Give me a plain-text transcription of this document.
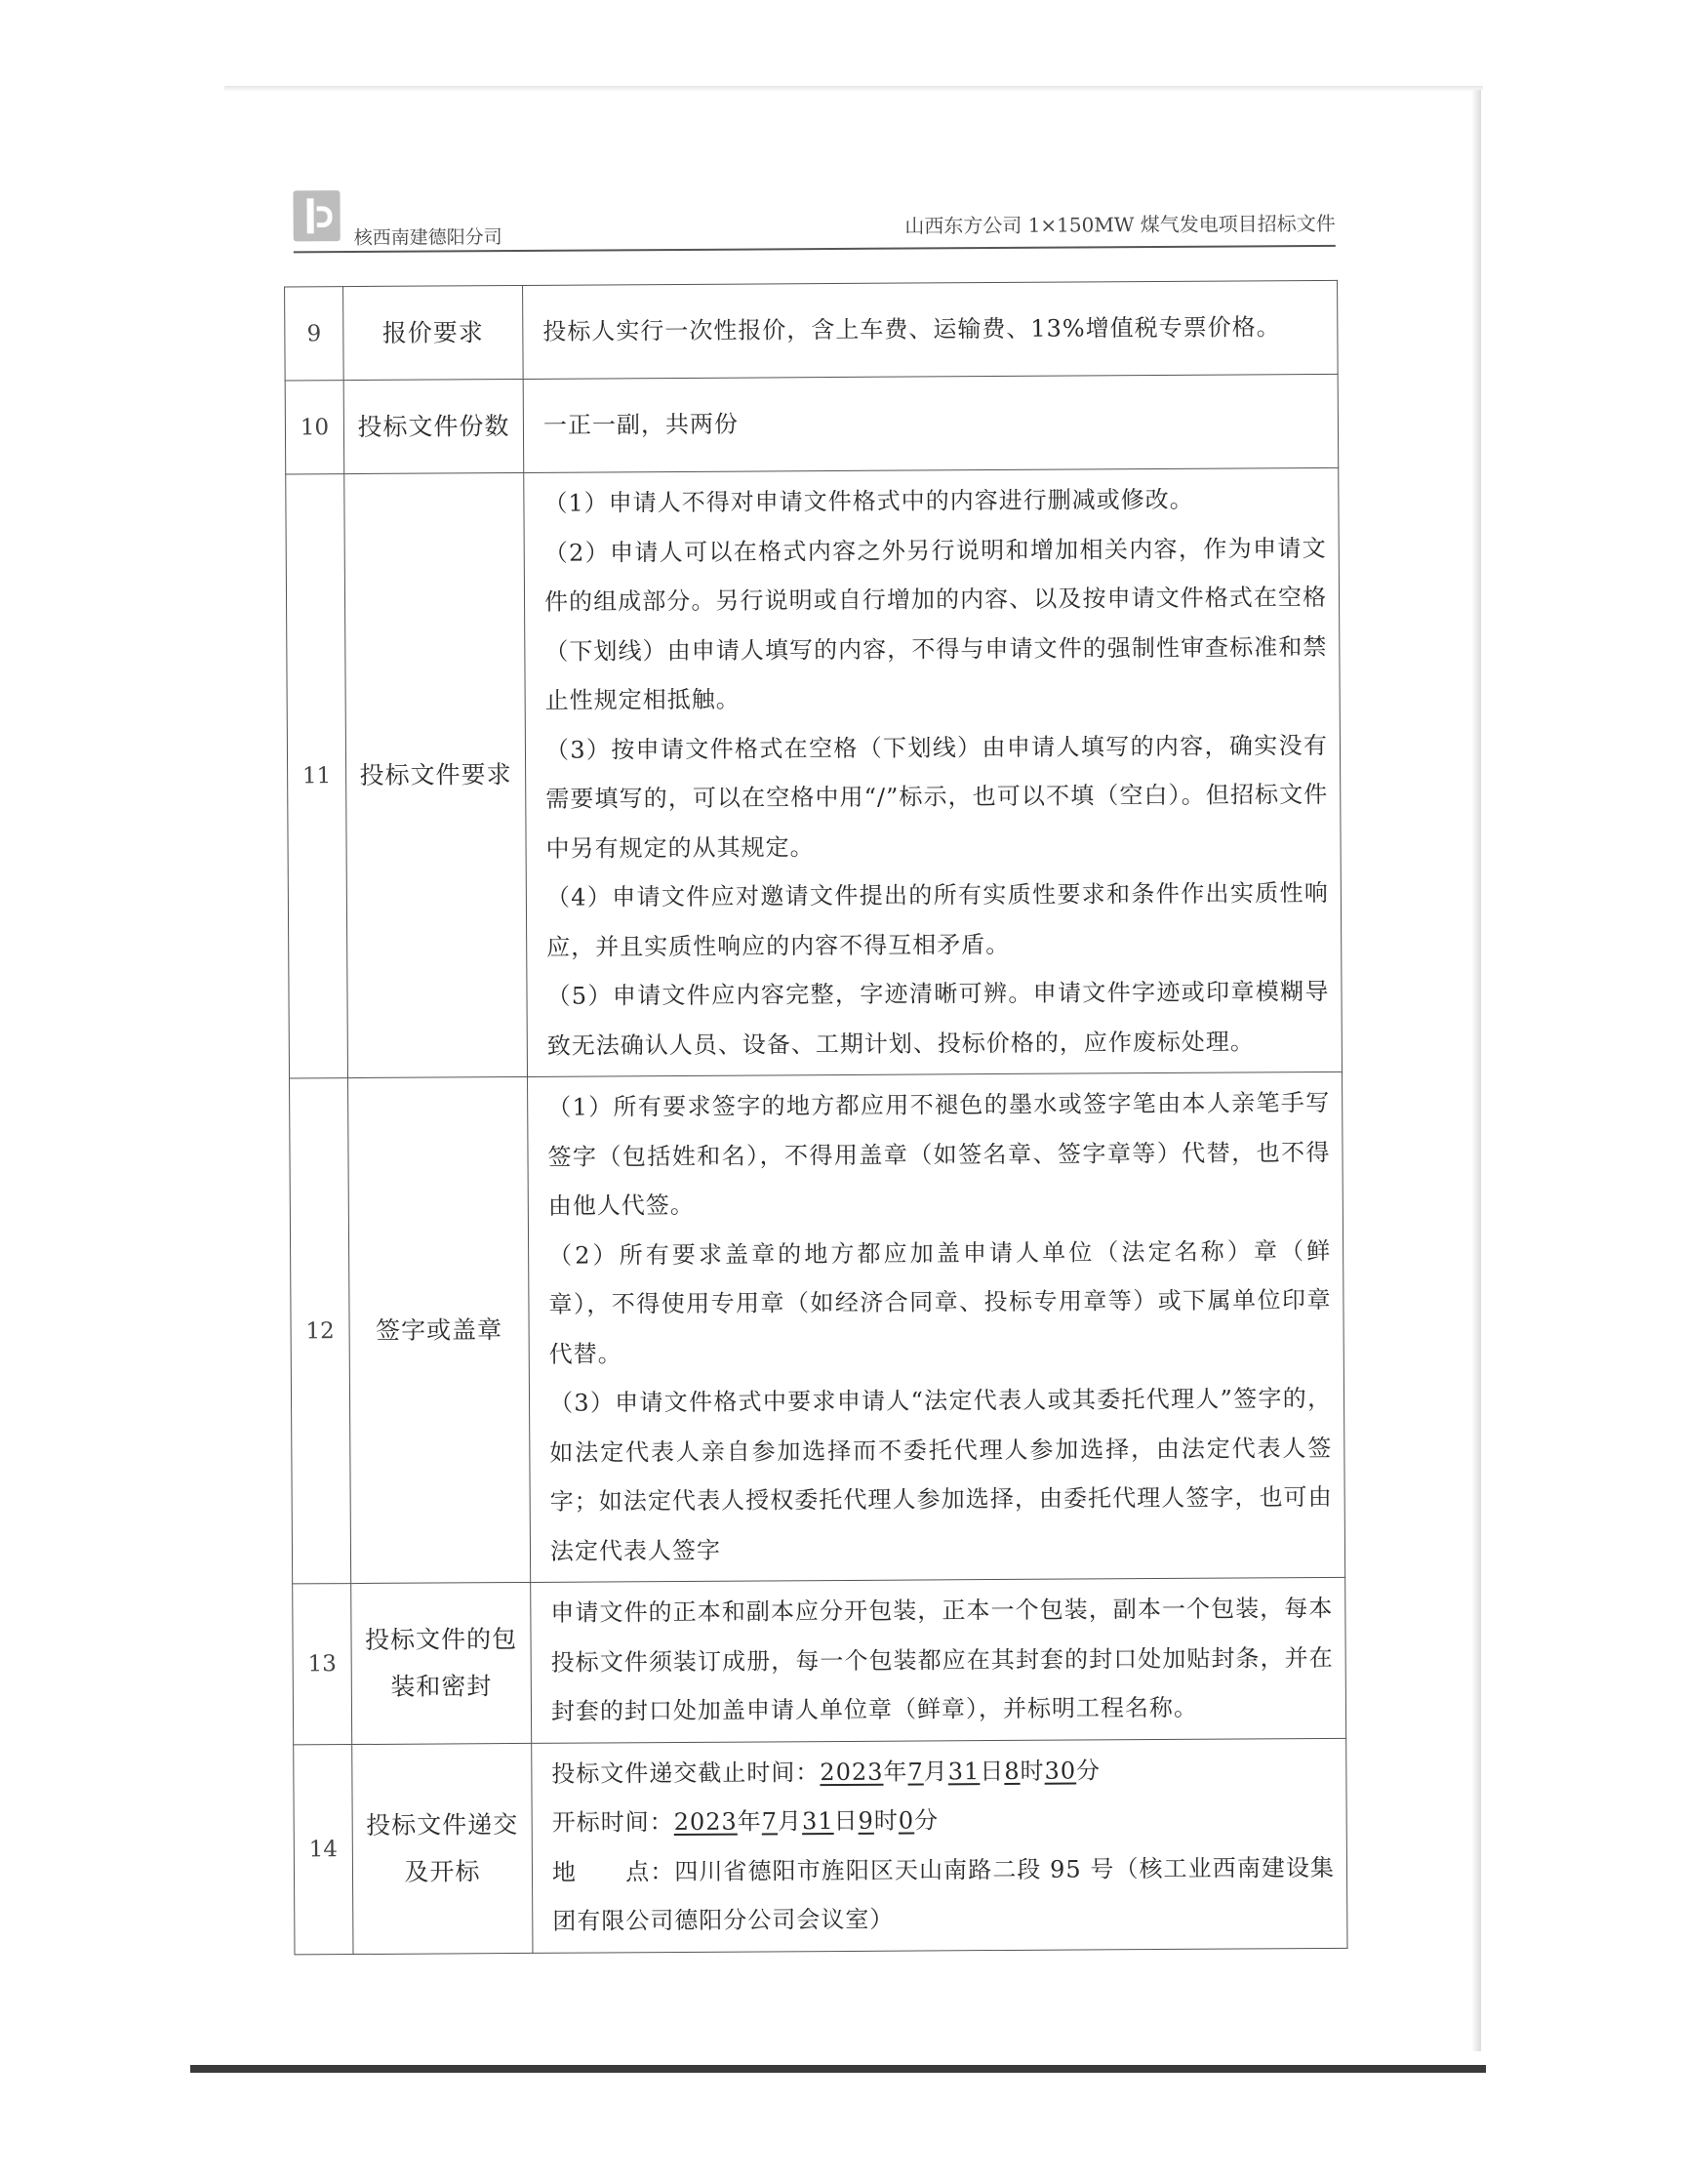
核西南建德阳分司	山西东方公司 1×150MW 煤气发电项目招标文件
9	报价要求	投标人实行一次性报价，含上车费、运输费、13%增值税专票价格。

10	投标文件份数	一正一副，共两份

11	投标文件要求	（1）申请人不得对申请文件格式中的内容进行删减或修改。

（2）申请人可以在格式内容之外另行说明和增加相关内容，作为申请文件的组成部分。另行说明或自行增加的内容、以及按申请文件格式在空格（下划线）由申请人填写的内容，不得与申请文件的强制性审查标准和禁止性规定相抵触。

（3）按申请文件格式在空格（下划线）由申请人填写的内容，确实没有需要填写的，可以在空格中用“/”标示，也可以不填（空白）。但招标文件中另有规定的从其规定。

（4）申请文件应对邀请文件提出的所有实质性要求和条件作出实质性响应，并且实质性响应的内容不得互相矛盾。

（5）申请文件应内容完整，字迹清晰可辨。申请文件字迹或印章模糊导致无法确认人员、设备、工期计划、投标价格的，应作废标处理。

12	签字或盖章	（1）所有要求签字的地方都应用不褪色的墨水或签字笔由本人亲笔手写签字（包括姓和名），不得用盖章（如签名章、签字章等）代替，也不得由他人代签。

（2）所有要求盖章的地方都应加盖申请人单位（法定名称）章（鲜章），不得使用专用章（如经济合同章、投标专用章等）或下属单位印章代替。

（3）申请文件格式中要求申请人“法定代表人或其委托代理人”签字的，如法定代表人亲自参加选择而不委托代理人参加选择，由法定代表人签字；如法定代表人授权委托代理人参加选择，由委托代理人签字，也可由法定代表人签字

13	投标文件的包装和密封	申请文件的正本和副本应分开包装，正本一个包装，副本一个包装，每本投标文件须装订成册，每一个包装都应在其封套的封口处加贴封条，并在封套的封口处加盖申请人单位章（鲜章），并标明工程名称。

14	投标文件递交及开标	投标文件递交截止时间：2023年7月31日8时30分

开标时间：2023年7月31日9时0分

地　　点：四川省德阳市旌阳区天山南路二段 95 号（核工业西南建设集团有限公司德阳分公司会议室）
